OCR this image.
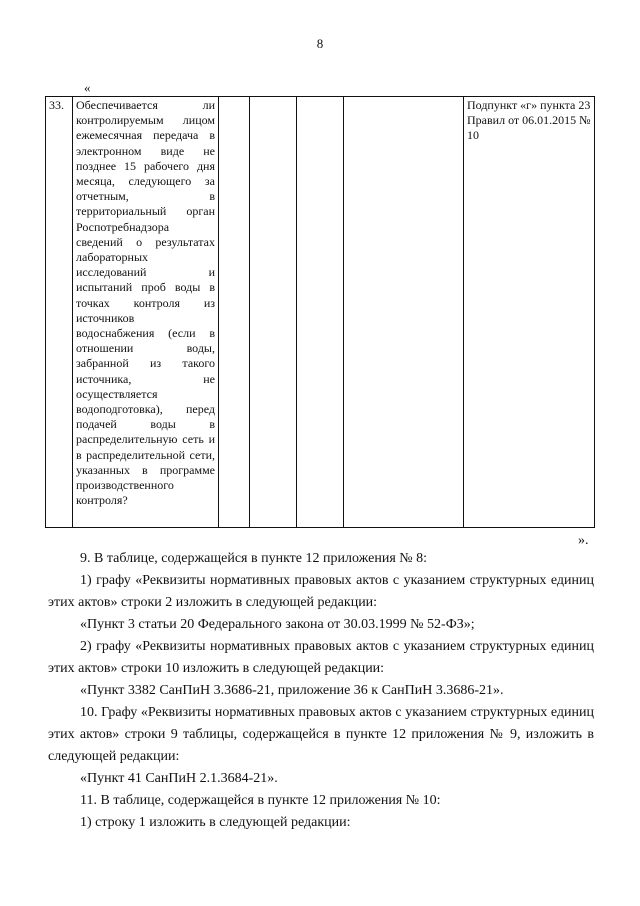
8
«
33.	Обеспечивается ли контролируемым лицом ежемесячная передача в электронном виде не позднее 15 рабочего дня месяца, следующего за отчетным, в территориальный орган Роспотребнадзора сведений о результатах лабораторных исследований и испытаний проб воды в точках контроля из источников водоснабжения (если в отношении воды, забранной из такого источника, не осуществляется водоподготовка), перед подачей воды в распределительную сеть и в распределительной сети, указанных в программе производственного контроля?					Подпункт «г» пункта 23 Правил от 06.01.2015 № 10
».

9. В таблице, содержащейся в пункте 12 приложения № 8:

1) графу «Реквизиты нормативных правовых актов с указанием структурных единиц этих актов» строки 2 изложить в следующей редакции:

«Пункт 3 статьи 20 Федерального закона от 30.03.1999 № 52-ФЗ»;

2) графу «Реквизиты нормативных правовых актов с указанием структурных единиц этих актов» строки 10 изложить в следующей редакции:

«Пункт 3382 СанПиН 3.3686-21, приложение 36 к СанПиН 3.3686-21».

10. Графу «Реквизиты нормативных правовых актов с указанием структурных единиц этих актов» строки 9 таблицы, содержащейся в пункте 12 приложения № 9, изложить в следующей редакции:

«Пункт 41 СанПиН 2.1.3684-21».

11. В таблице, содержащейся в пункте 12 приложения № 10:

1) строку 1 изложить в следующей редакции:
